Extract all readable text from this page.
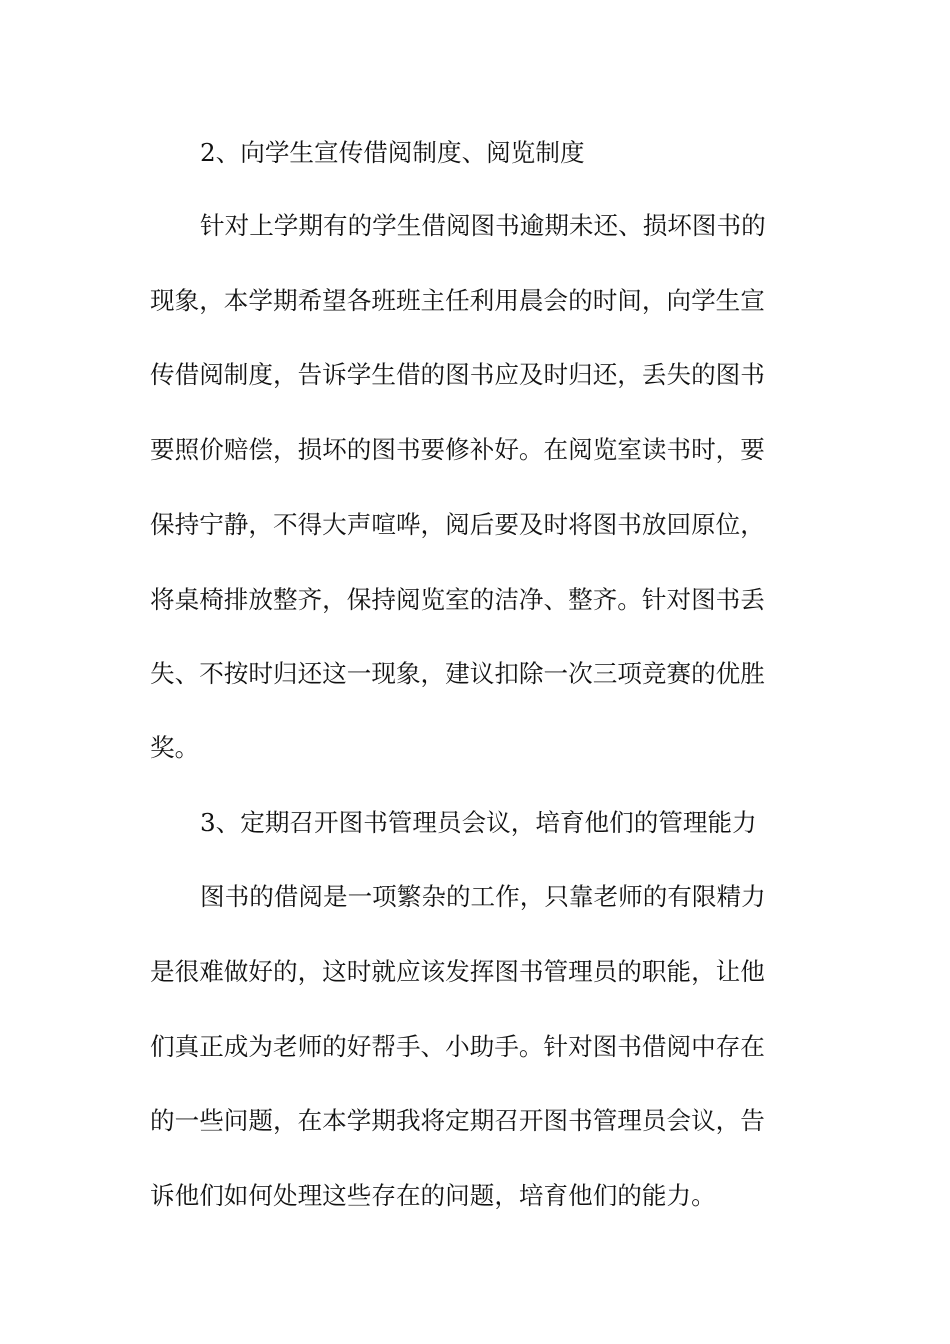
2、向学生宣传借阅制度、阅览制度
针对上学期有的学生借阅图书逾期未还、损坏图书的
现象，本学期希望各班班主任利用晨会的时间，向学生宣
传借阅制度，告诉学生借的图书应及时归还，丢失的图书
要照价赔偿，损坏的图书要修补好。在阅览室读书时，要
保持宁静，不得大声喧哗，阅后要及时将图书放回原位，
将桌椅排放整齐，保持阅览室的洁净、整齐。针对图书丢
失、不按时归还这一现象，建议扣除一次三项竞赛的优胜
奖。
3、定期召开图书管理员会议，培育他们的管理能力
图书的借阅是一项繁杂的工作，只靠老师的有限精力
是很难做好的，这时就应该发挥图书管理员的职能，让他
们真正成为老师的好帮手、小助手。针对图书借阅中存在
的一些问题，在本学期我将定期召开图书管理员会议，告
诉他们如何处理这些存在的问题，培育他们的能力。
